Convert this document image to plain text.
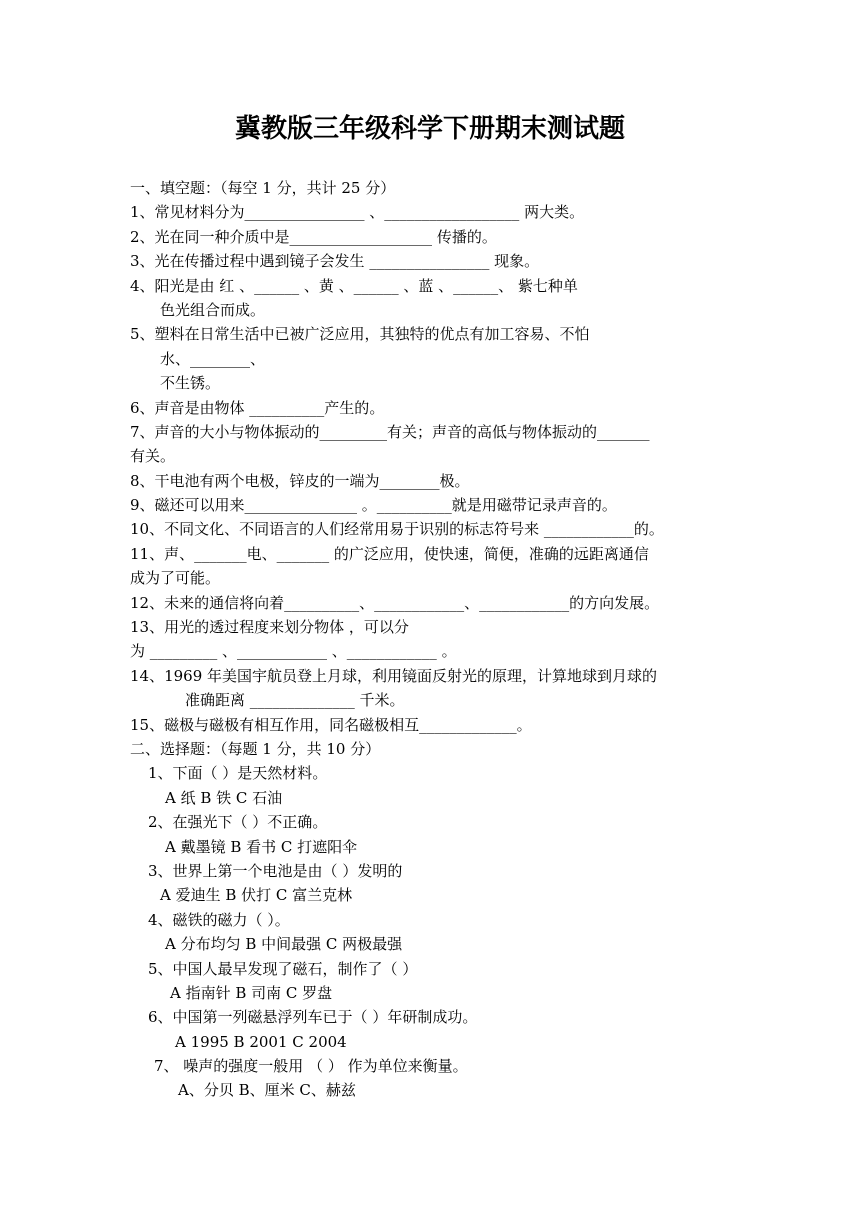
冀教版三年级科学下册期末测试题
一、填空题：（每空 1 分，共计 25 分）
1、常见材料分为________________ 、__________________ 两大类。
2、光在同一种介质中是___________________ 传播的。
3、光在传播过程中遇到镜子会发生 ________________ 现象。
4、阳光是由 红 、______ 、黄 、______ 、蓝 、______、 紫七种单
色光组合而成。
5、塑料在日常生活中已被广泛应用，其独特的优点有加工容易、不怕
水、________、
不生锈。
6、声音是由物体 __________产生的。
7、声音的大小与物体振动的_________有关；声音的高低与物体振动的_______
有关。
8、干电池有两个电极，锌皮的一端为________极。
9、磁还可以用来_______________ 。__________就是用磁带记录声音的。
10、不同文化、不同语言的人们经常用易于识别的标志符号来 ____________的。
11、声、_______电、_______ 的广泛应用，使快速，简便，准确的远距离通信
成为了可能。
12、未来的通信将向着__________、____________、____________的方向发展。
13、用光的透过程度来划分物体 ，可以分
为 _________ 、____________ 、____________ 。
14、1969 年美国宇航员登上月球，利用镜面反射光的原理，计算地球到月球的
准确距离 ______________ 千米。
15、磁极与磁极有相互作用，同名磁极相互_____________。
二、选择题：（每题 1 分，共 10 分）
1、下面（ ）是天然材料。
A 纸 B 铁 C 石油
2、在强光下（ ）不正确。
A 戴墨镜 B 看书 C 打遮阳伞
3、世界上第一个电池是由（ ）发明的
A 爱迪生 B 伏打 C 富兰克林
4、磁铁的磁力（ ）。
A 分布均匀 B 中间最强 C 两极最强
5、中国人最早发现了磁石，制作了（ ）
A 指南针 B 司南 C 罗盘
6、中国第一列磁悬浮列车已于（ ）年研制成功。
A 1995 B 2001 C 2004
7、 噪声的强度一般用 （ ） 作为单位来衡量。
A、分贝 B、厘米 C、赫兹
